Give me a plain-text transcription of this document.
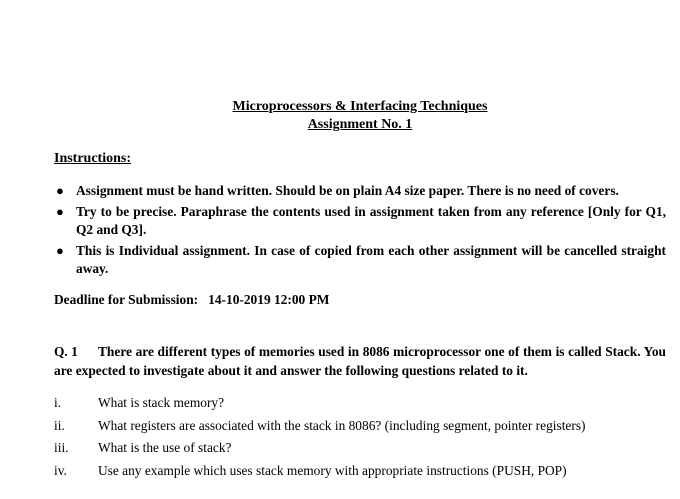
Microprocessors & Interfacing Techniques
Assignment No. 1
Instructions:
● Assignment must be hand written. Should be on plain A4 size paper. There is no need of covers.
● Try to be precise. Paraphrase the contents used in assignment taken from any reference [Only for Q1, Q2 and Q3].
● This is Individual assignment. In case of copied from each other assignment will be cancelled straight away.
Deadline for Submission: 14-10-2019 12:00 PM
Q. 1 There are different types of memories used in 8086 microprocessor one of them is called Stack. You are expected to investigate about it and answer the following questions related to it.
i.	What is stack memory?
ii. What registers are associated with the stack in 8086? (including segment, pointer registers)
iii. What is the use of stack?
iv. Use any example which uses stack memory with appropriate instructions (PUSH, POP)
